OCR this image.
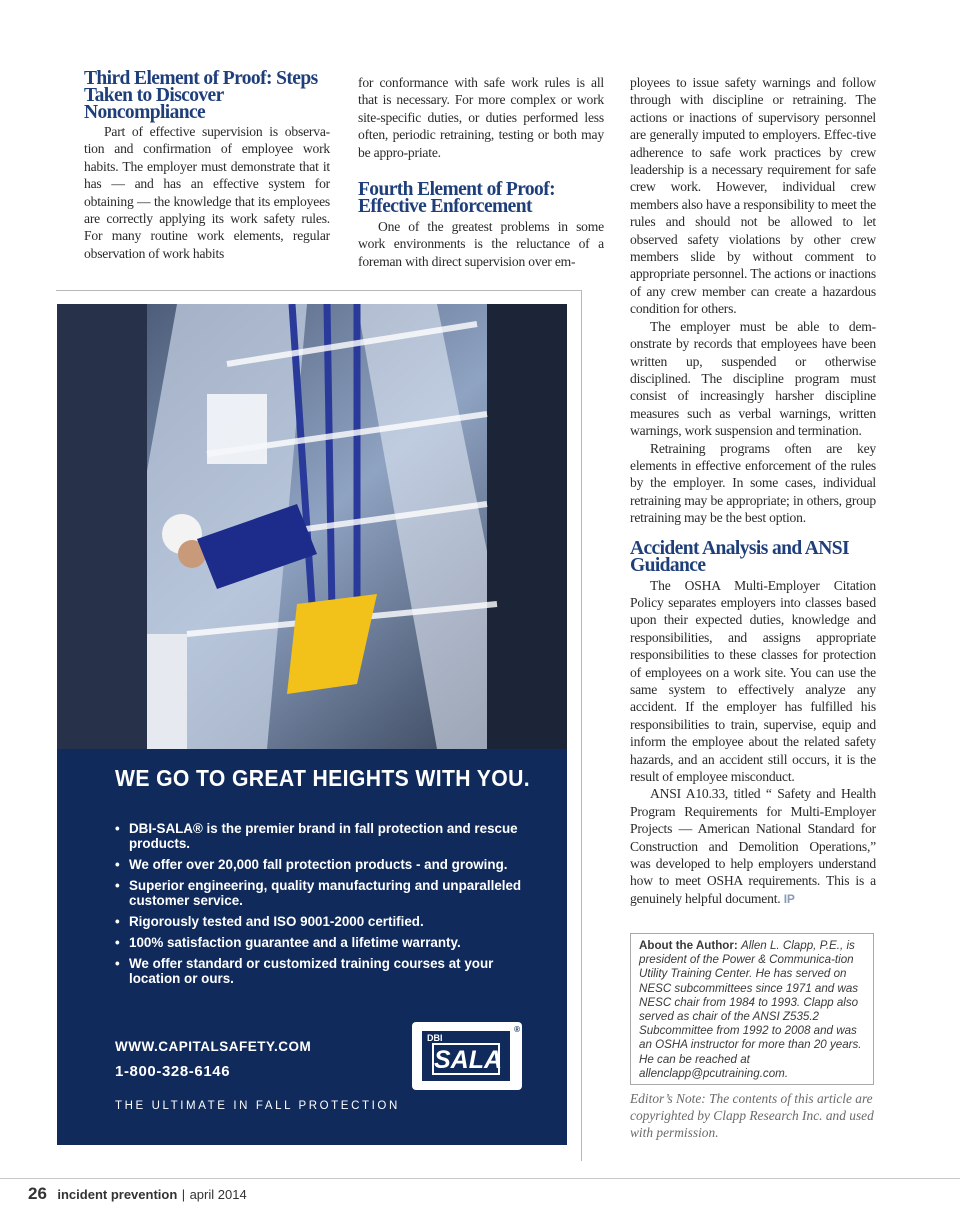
Third Element of Proof: Steps Taken to Discover Noncompliance

Part of effective supervision is observa-tion and confirmation of employee work habits. The employer must demonstrate that it has — and has an effective system for obtaining — the knowledge that its employees are correctly applying its work safety rules. For many routine work elements, regular observation of work habits

for conformance with safe work rules is all that is necessary. For more complex or work site-specific duties, or duties performed less often, periodic retraining, testing or both may be appro-priate.

Fourth Element of Proof: Effective Enforcement

One of the greatest problems in some work environments is the reluctance of a foreman with direct supervision over em-

ployees to issue safety warnings and follow through with discipline or retraining. The actions or inactions of supervisory personnel are generally imputed to employers. Effec-tive adherence to safe work practices by crew leadership is a necessary requirement for safe crew work. However, individual crew members also have a responsibility to meet the rules and should not be allowed to let observed safety violations by other crew members slide by without comment to appropriate personnel. The actions or inactions of any crew member can create a hazardous condition for others.

The employer must be able to dem-onstrate by records that employees have been written up, suspended or otherwise disciplined. The discipline program must consist of increasingly harsher discipline measures such as verbal warnings, written warnings, work suspension and termination.

Retraining programs often are key elements in effective enforcement of the rules by the employer. In some cases, individual retraining may be appropriate; in others, group retraining may be the best option.

Accident Analysis and ANSI Guidance

The OSHA Multi-Employer Citation Policy separates employers into classes based upon their expected duties, knowledge and responsibilities, and assigns appropriate responsibilities to these classes for protection of employees on a work site. You can use the same system to effectively analyze any accident. If the employer has fulfilled his responsibilities to train, supervise, equip and inform the employee about the related safety hazards, and an accident still occurs, it is the result of employee misconduct.

ANSI A10.33, titled “ Safety and Health Program Requirements for Multi-Employer Projects — American National Standard for Construction and Demolition Operations,” was developed to help employers understand how to meet OSHA requirements. This is a genuinely helpful document. IP

WE GO TO GREAT HEIGHTS WITH YOU.
• DBI-SALA® is the premier brand in fall protection and rescue products.
• We offer over 20,000 fall protection products - and growing.
• Superior engineering, quality manufacturing and unparalleled customer service.
• Rigorously tested and ISO 9001-2000 certified.
• 100% satisfaction guarantee and a lifetime warranty.
• We offer standard or customized training courses at your location or ours.
WWW.CAPITALSAFETY.COM
1-800-328-6146
THE ULTIMATE IN FALL PROTECTION
DBI
SALA
®
About the Author: Allen L. Clapp, P.E., is president of the Power & Communica-tion Utility Training Center. He has served on NESC subcommittees since 1971 and was NESC chair from 1984 to 1993. Clapp also served as chair of the ANSI Z535.2 Subcommittee from 1992 to 2008 and was an OSHA instructor for more than 20 years. He can be reached at allenclapp@pcutraining.com.
Editor’s Note: The contents of this article are copyrighted by Clapp Research Inc. and used with permission.
26 incident prevention | april 2014
